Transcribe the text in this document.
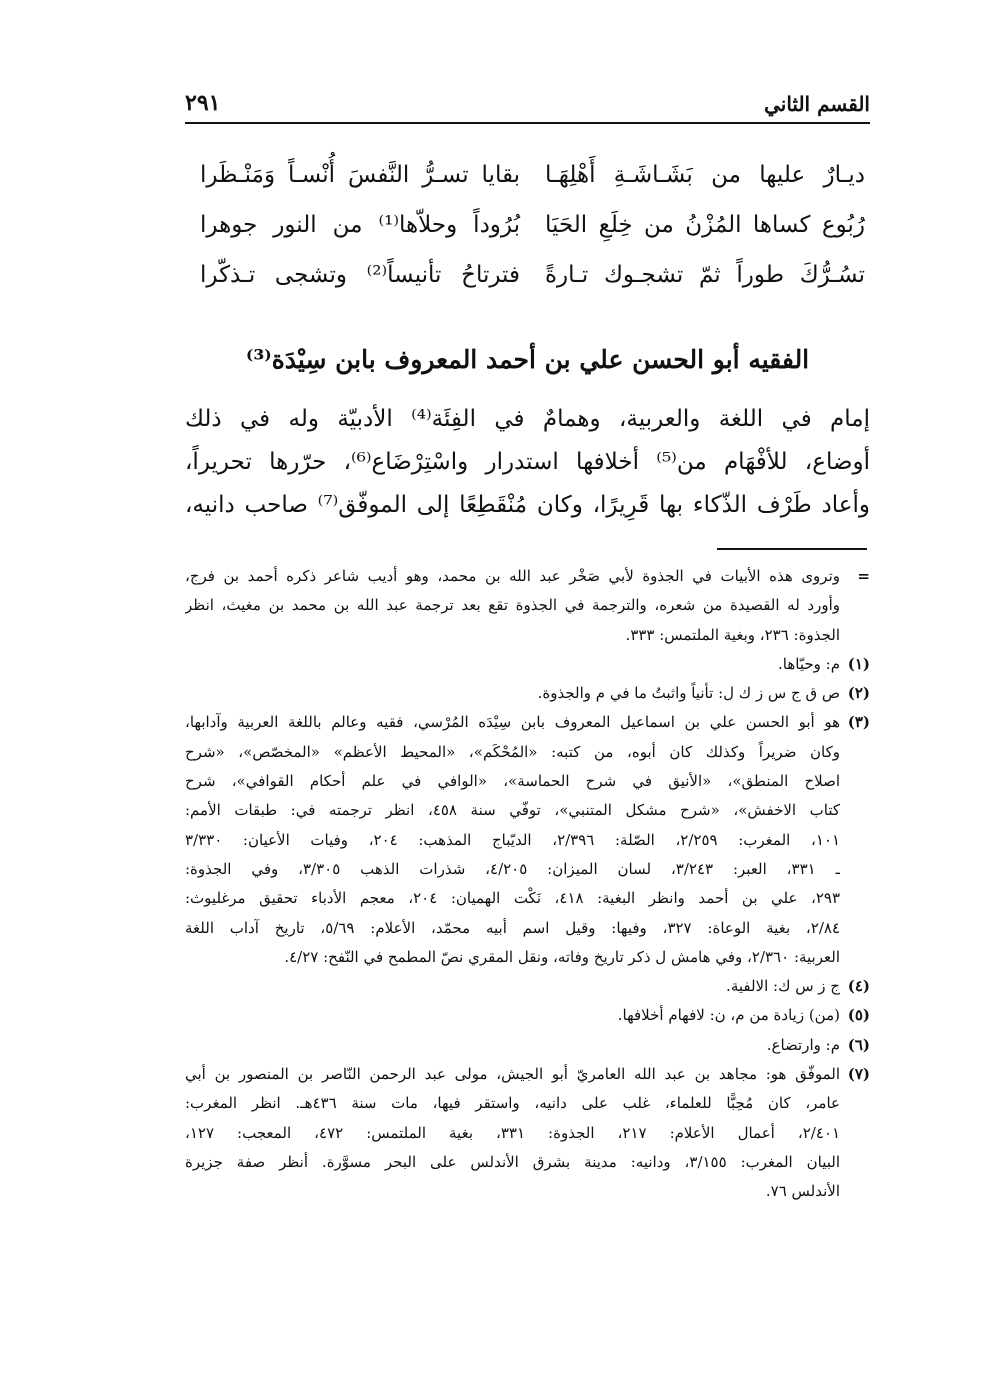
القسم الثاني
٢٩١
ديـارٌ عليها من بَشَـاشَـةِ أَهْلِهَـا
بقايا تسـرُّ النَّفسَ أُنْسـاً وَمَنْـظَرا
رُبُوع كساها المُزْنُ من خِلَعِ الحَيَا
بُرُوداً وحلاّها⁽¹⁾ من النور جوهرا
تسُـرُّكَ طوراً ثمّ تشجـوك تـارةً
فترتاحُ تأنيساً⁽²⁾ وتشجى تـذكّرا
الفقيه أبو الحسن علي بن أحمد المعروف بابن سِيْدَة⁽³⁾

إمام في اللغة والعربية، وهمامٌ في الفِئَة⁽⁴⁾ الأدبيّة وله في ذلك

أوضاع، للأفْهَام من⁽⁵⁾ أخلافها استدرار واسْتِرْضَاع⁽⁶⁾، حرّرها تحريراً،

وأعاد طَرْف الذّكاء بها قَرِيرًا، وكان مُنْقَطِعًا إلى الموفّق⁽⁷⁾ صاحب دانيه،

=

وتروى هذه الأبيات في الجذوة لأبي صَخْر عبد الله بن محمد، وهو أديب شاعر ذكره أحمد بن فرج،

وأورد له القصيدة من شعره، والترجمة في الجذوة تقع بعد ترجمة عبد الله بن محمد بن مغيث، انظر

الجذوة: ٢٣٦، وبغية الملتمس: ٣٣٣.

(١)

م: وحيّاها.

(٢)

ص ق ج س ز ك ل: تأنياً واثبتُ ما في م والجذوة.

(٣)

هو أبو الحسن علي بن اسماعيل المعروف بابن سِيْدَه المُرْسي، فقيه وعالم باللغة العربية وآدابها،

وكان ضريراً وكذلك كان أبوه، من كتبه: «المُحْكَم»، «المحيط الأعظم» «المخصّص»، «شرح

اصلاح المنطق»، «الأنيق في شرح الحماسة»، «الوافي في علم أحكام القوافي»، شرح

كتاب الاخفش»، «شرح مشكل المتنبي»، توفّي سنة ٤٥٨، انظر ترجمته في: طبقات الأمم:

١٠١، المغرب: ٢/٢٥٩، الصّلة: ٢/٣٩٦، الديّباج المذهب: ٢٠٤، وفيات الأعيان: ٣/٣٣٠

ـ ٣٣١، العبر: ٣/٢٤٣، لسان الميزان: ٤/٢٠٥، شذرات الذهب ٣/٣٠٥، وفي الجذوة:

٢٩٣، علي بن أحمد وانظر البغية: ٤١٨، نَكْت الهميان: ٢٠٤، معجم الأدباء تحقيق مرغليوث:

٢/٨٤، بغية الوعاة: ٣٢٧، وفيها: وقيل اسم أبيه محمّد، الأعلام: ٥/٦٩، تاريخ آداب اللغة

العربية: ٢/٣٦٠، وفي هامش ل ذكر تاريخ وفاته، ونقل المقري نصّ المطمح في النّفح: ٤/٢٧.

(٤)

ج ز س ك: الالفية.

(٥)

(من) زيادة من م، ن: لافهام أخلافها.

(٦)

م: وارتضاع.

(٧)

الموفّق هو: مجاهد بن عبد الله العامريّ أبو الجيش، مولى عبد الرحمن النّاصر بن المنصور بن أبي

عامر، كان مُحِبًّا للعلماء، غلب على دانيه، واستقر فيها، مات سنة ٤٣٦هـ. انظر المغرب:

٢/٤٠١، أعمال الأعلام: ٢١٧، الجذوة: ٣٣١، بغية الملتمس: ٤٧٢، المعجب: ١٢٧،

البيان المغرب: ٣/١٥٥، ودانيه: مدينة بشرق الأندلس على البحر مسوَّرة. أنظر صفة جزيرة

الأندلس ٧٦.
